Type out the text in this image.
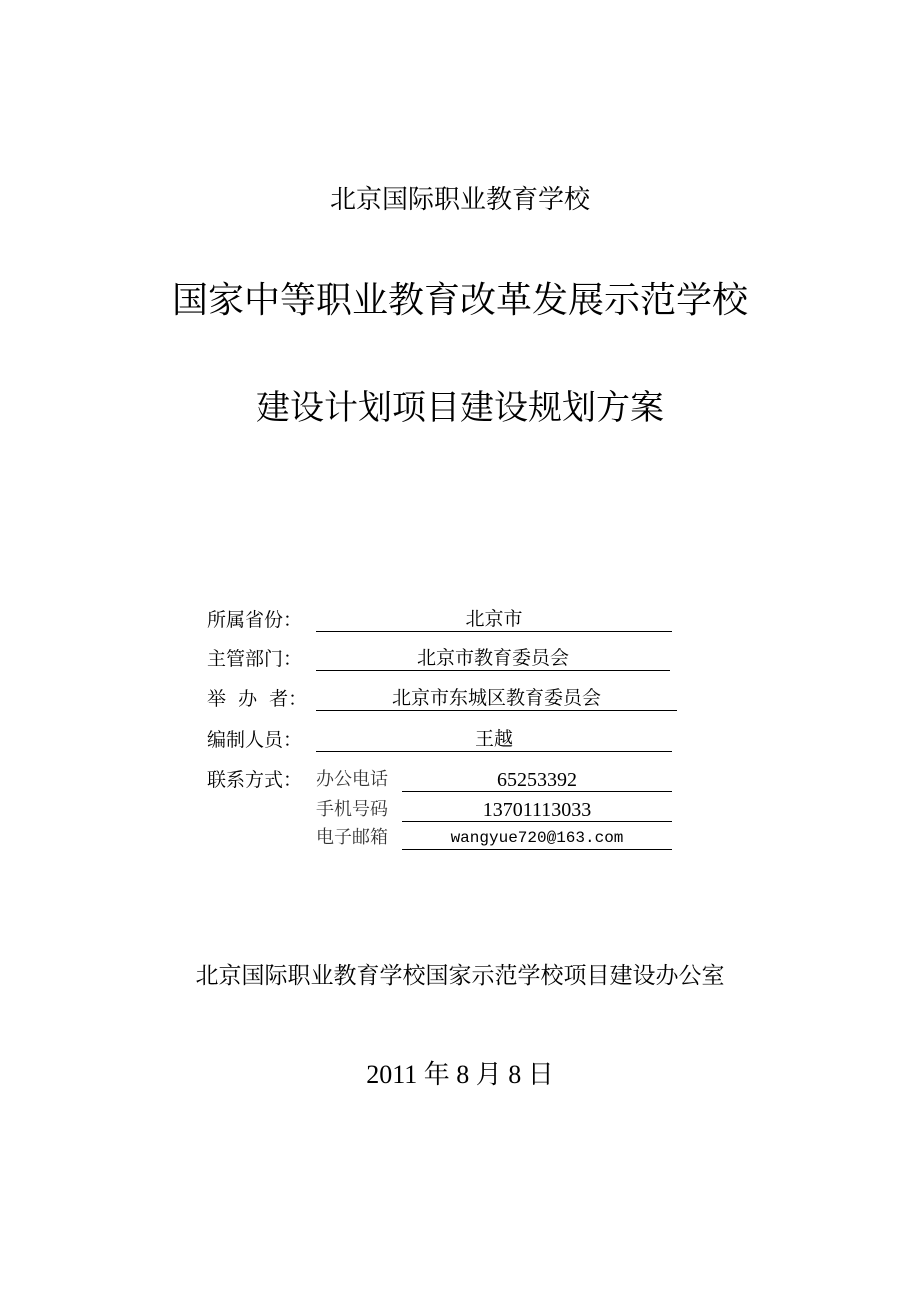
北京国际职业教育学校
国家中等职业教育改革发展示范学校
建设计划项目建设规划方案
所属省份：	北京市
主管部门：	北京市教育委员会
举  办  者：	北京市东城区教育委员会
编制人员：	王越
联系方式： 办公电话	65253392
手机号码	13701113033
电子邮箱	wangyue720@163.com
北京国际职业教育学校国家示范学校项目建设办公室
2011 年 8 月 8 日
